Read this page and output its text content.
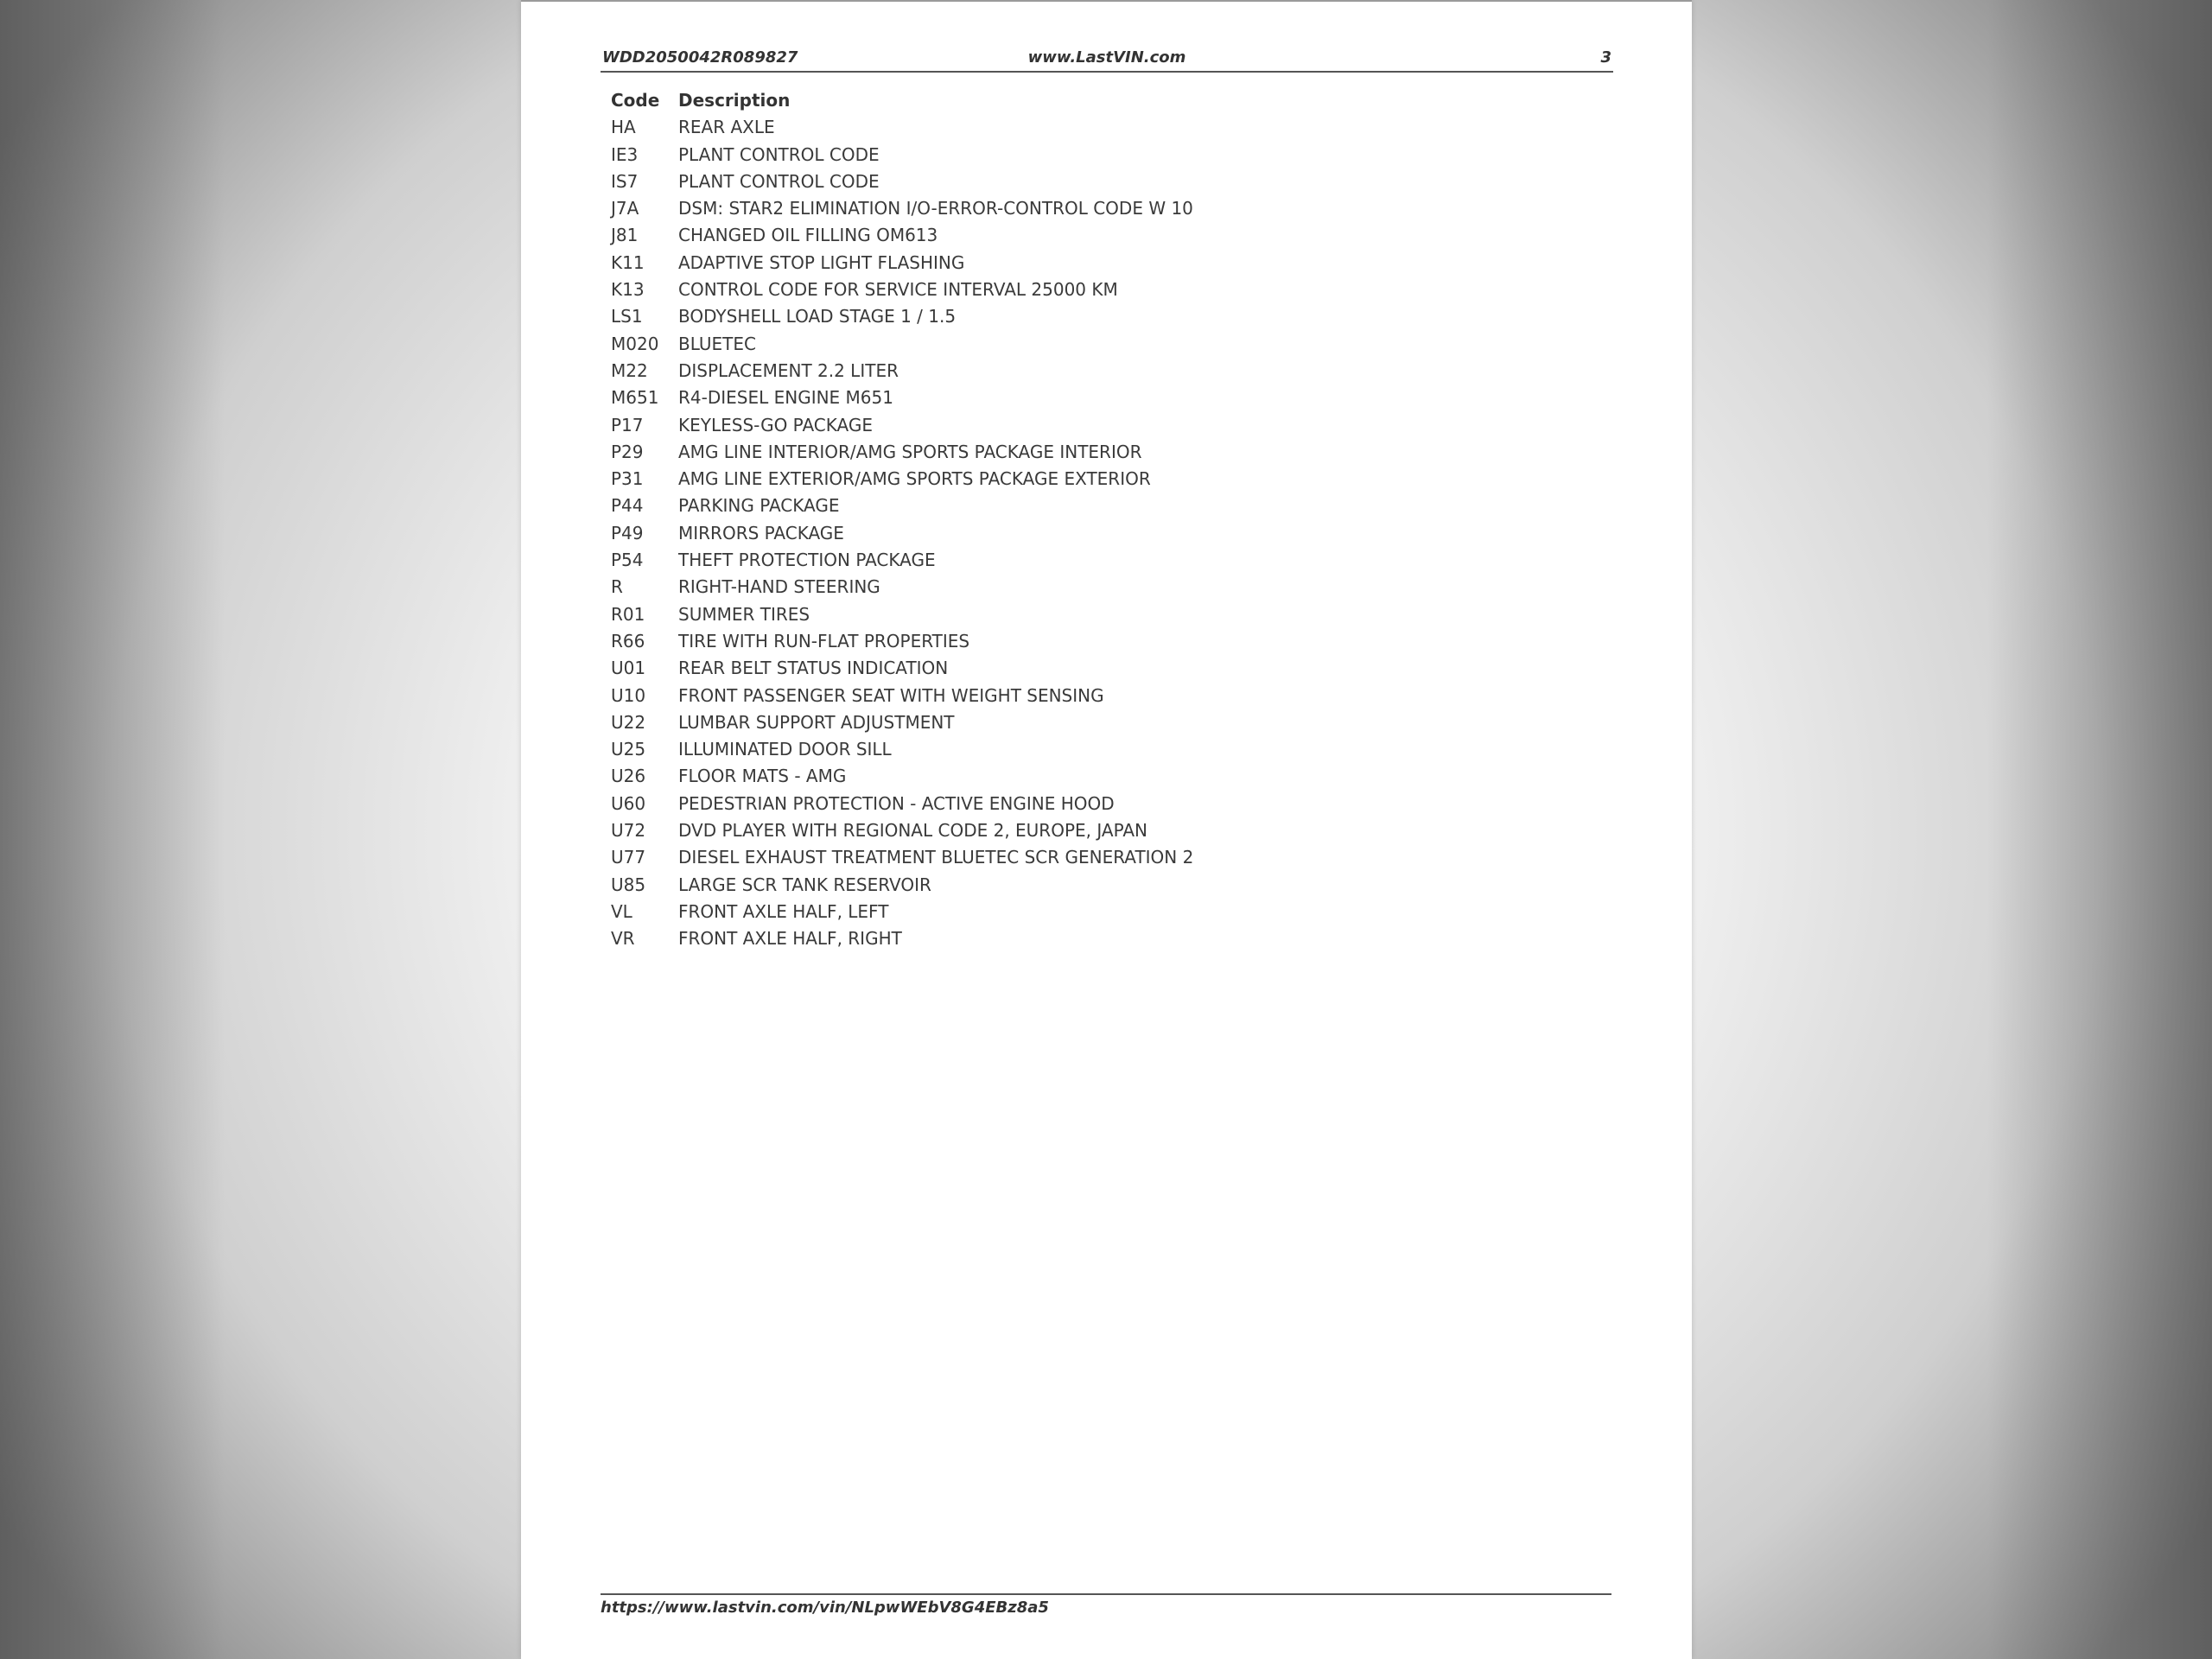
WDD2050042R089827	www.LastVIN.com	3
Code	Description
HA	REAR AXLE
IE3	PLANT CONTROL CODE
IS7	PLANT CONTROL CODE
J7A	DSM: STAR2 ELIMINATION I/O-ERROR-CONTROL CODE W 10
J81	CHANGED OIL FILLING OM613
K11	ADAPTIVE STOP LIGHT FLASHING
K13	CONTROL CODE FOR SERVICE INTERVAL 25000 KM
LS1	BODYSHELL LOAD STAGE 1 / 1.5
M020	BLUETEC
M22	DISPLACEMENT 2.2 LITER
M651	R4-DIESEL ENGINE M651
P17	KEYLESS-GO PACKAGE
P29	AMG LINE INTERIOR/AMG SPORTS PACKAGE INTERIOR
P31	AMG LINE EXTERIOR/AMG SPORTS PACKAGE EXTERIOR
P44	PARKING PACKAGE
P49	MIRRORS PACKAGE
P54	THEFT PROTECTION PACKAGE
R	RIGHT-HAND STEERING
R01	SUMMER TIRES
R66	TIRE WITH RUN-FLAT PROPERTIES
U01	REAR BELT STATUS INDICATION
U10	FRONT PASSENGER SEAT WITH WEIGHT SENSING
U22	LUMBAR SUPPORT ADJUSTMENT
U25	ILLUMINATED DOOR SILL
U26	FLOOR MATS - AMG
U60	PEDESTRIAN PROTECTION - ACTIVE ENGINE HOOD
U72	DVD PLAYER WITH REGIONAL CODE 2, EUROPE, JAPAN
U77	DIESEL EXHAUST TREATMENT BLUETEC SCR GENERATION 2
U85	LARGE SCR TANK RESERVOIR
VL	FRONT AXLE HALF, LEFT
VR	FRONT AXLE HALF, RIGHT
https://www.lastvin.com/vin/NLpwWEbV8G4EBz8a5
